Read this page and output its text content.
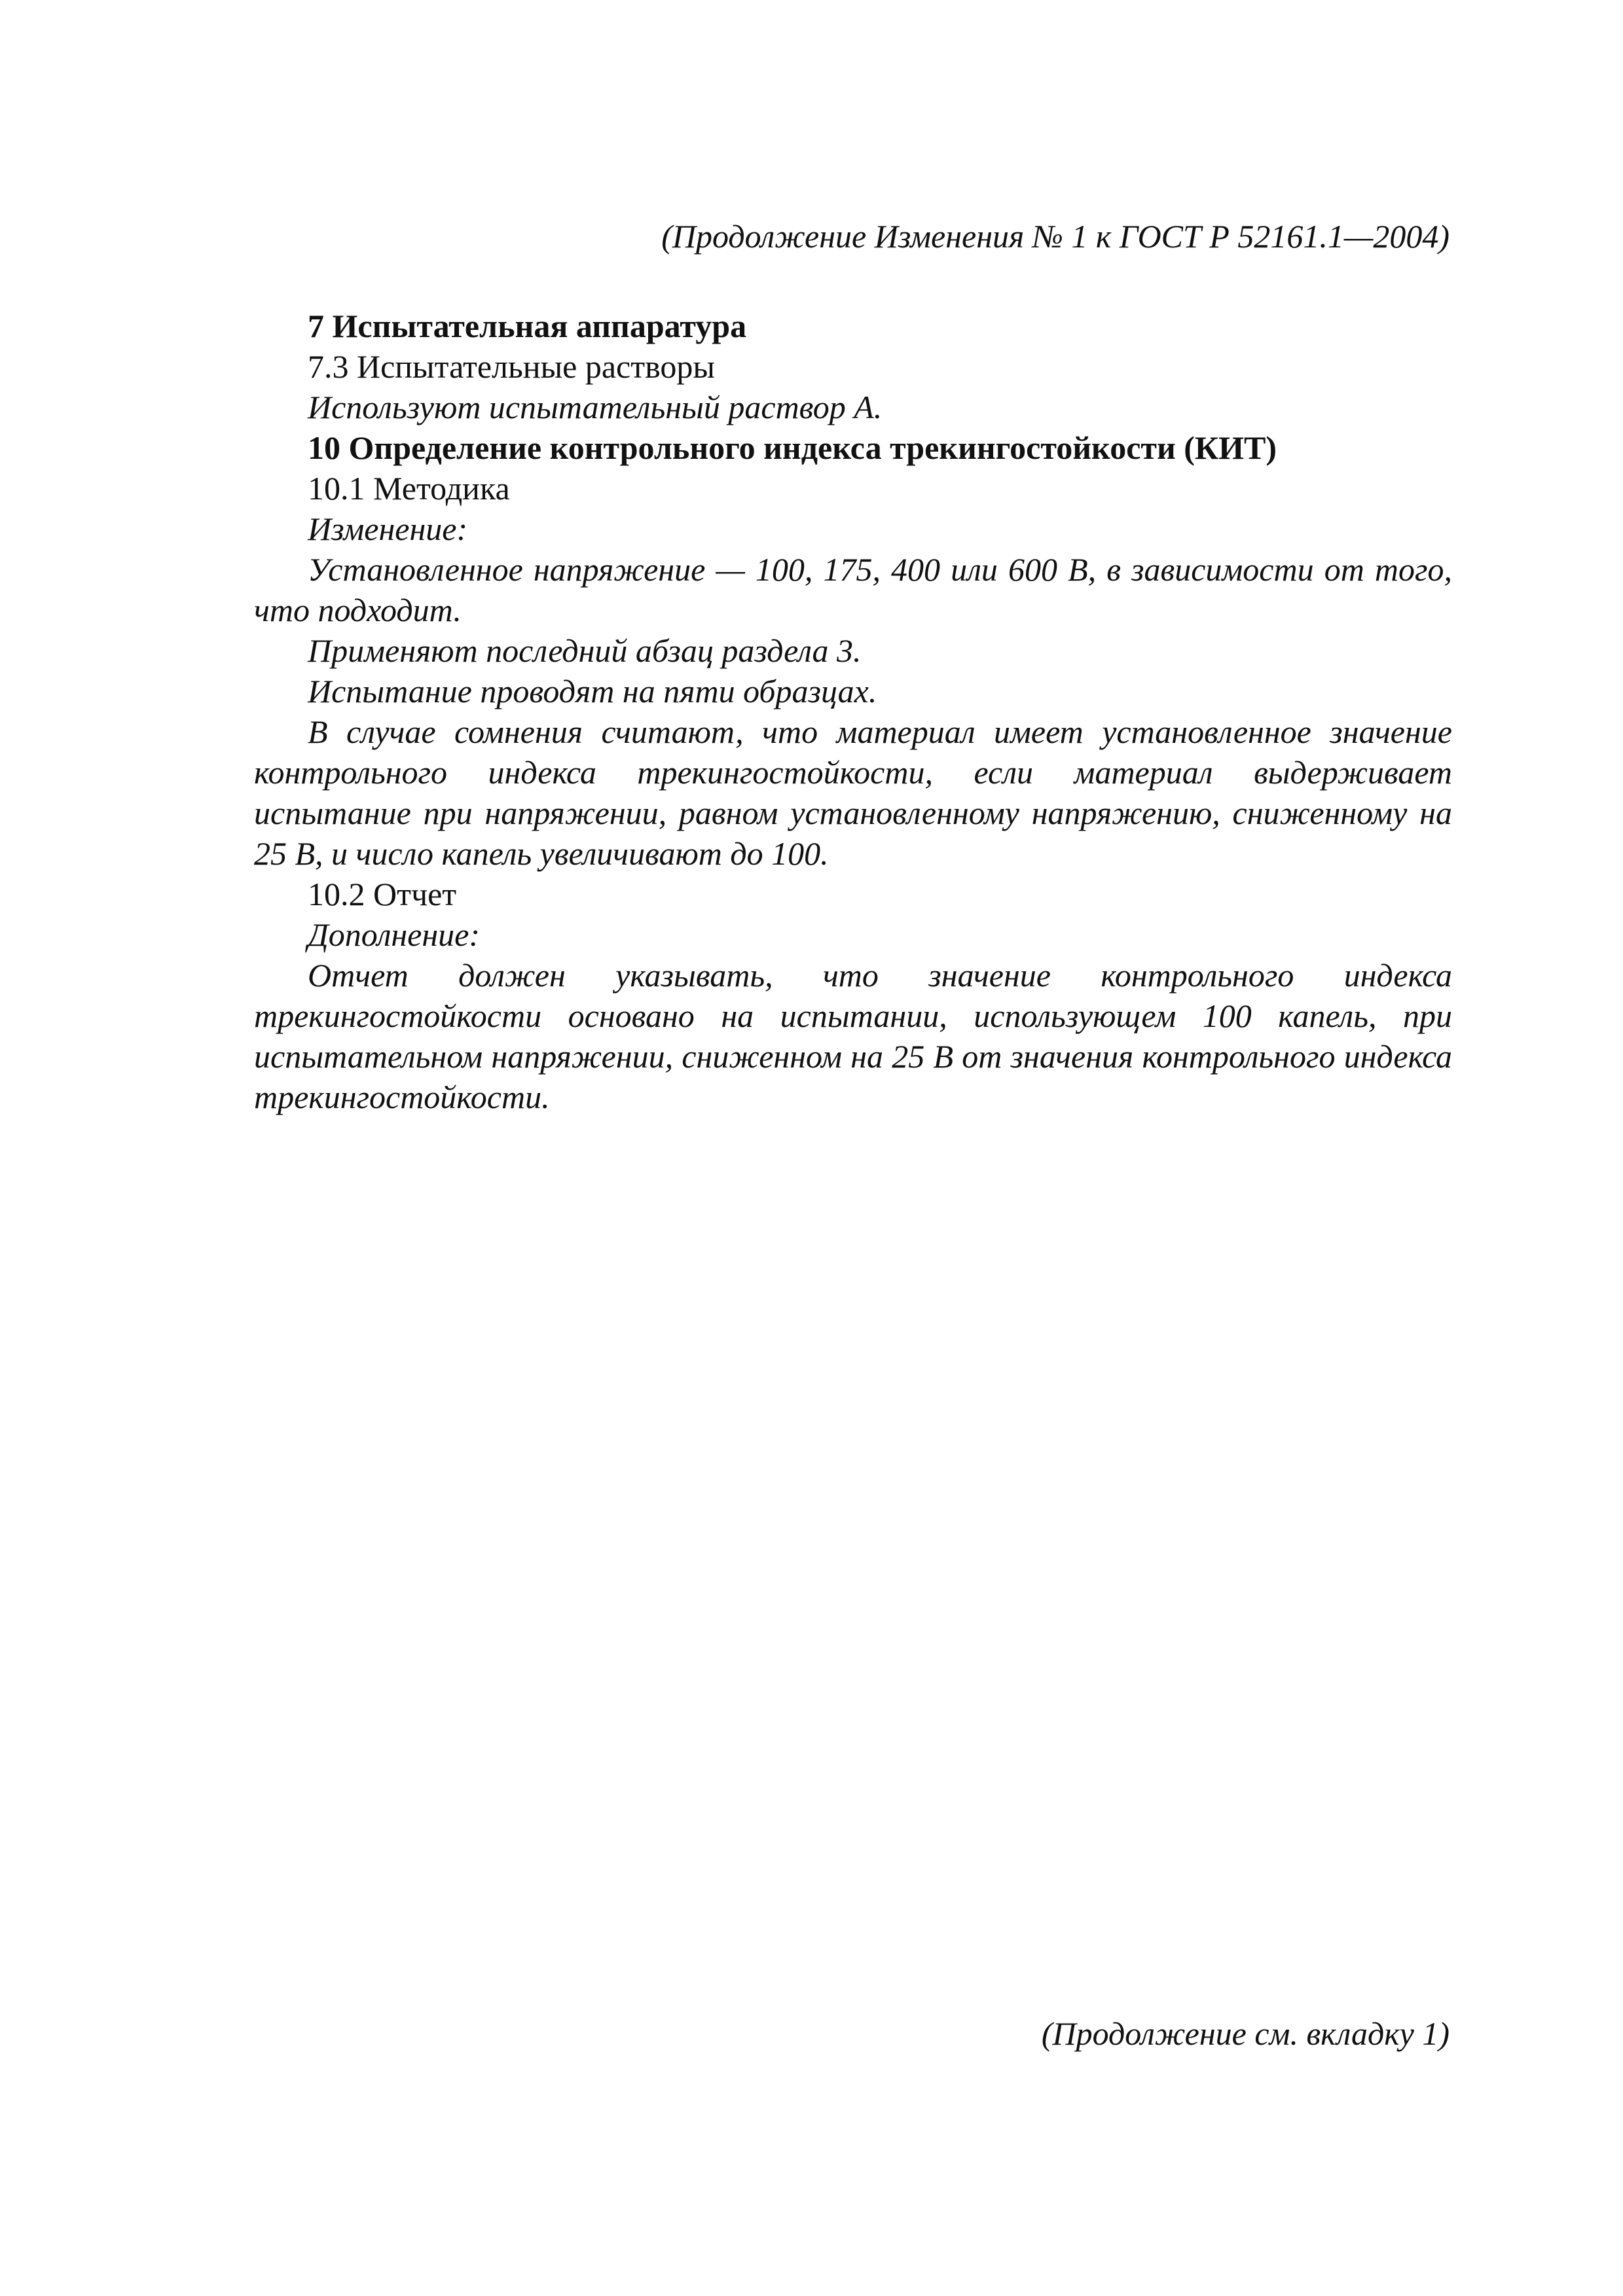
(Продолжение Изменения № 1 к ГОСТ Р 52161.1—2004)

7 Испытательная аппаратура

7.3 Испытательные растворы

Используют испытательный раствор А.

10 Определение контрольного индекса трекингостойкости (КИТ)

10.1 Методика

Изменение:

Установленное напряжение — 100, 175, 400 или 600 В, в зависимости от того, что подходит.

Применяют последний абзац раздела 3.

Испытание проводят на пяти образцах.

В случае сомнения считают, что материал имеет установленное значение контрольного индекса трекингостойкости, если материал выдерживает испытание при напряжении, равном установленному напряжению, сниженному на 25 В, и число капель увеличивают до 100.

10.2 Отчет

Дополнение:

Отчет должен указывать, что значение контрольного индекса трекингостойкости основано на испытании, использующем 100 капель, при испытательном напряжении, сниженном на 25 В от значения контрольного индекса трекингостойкости.

(Продолжение см. вкладку 1)
